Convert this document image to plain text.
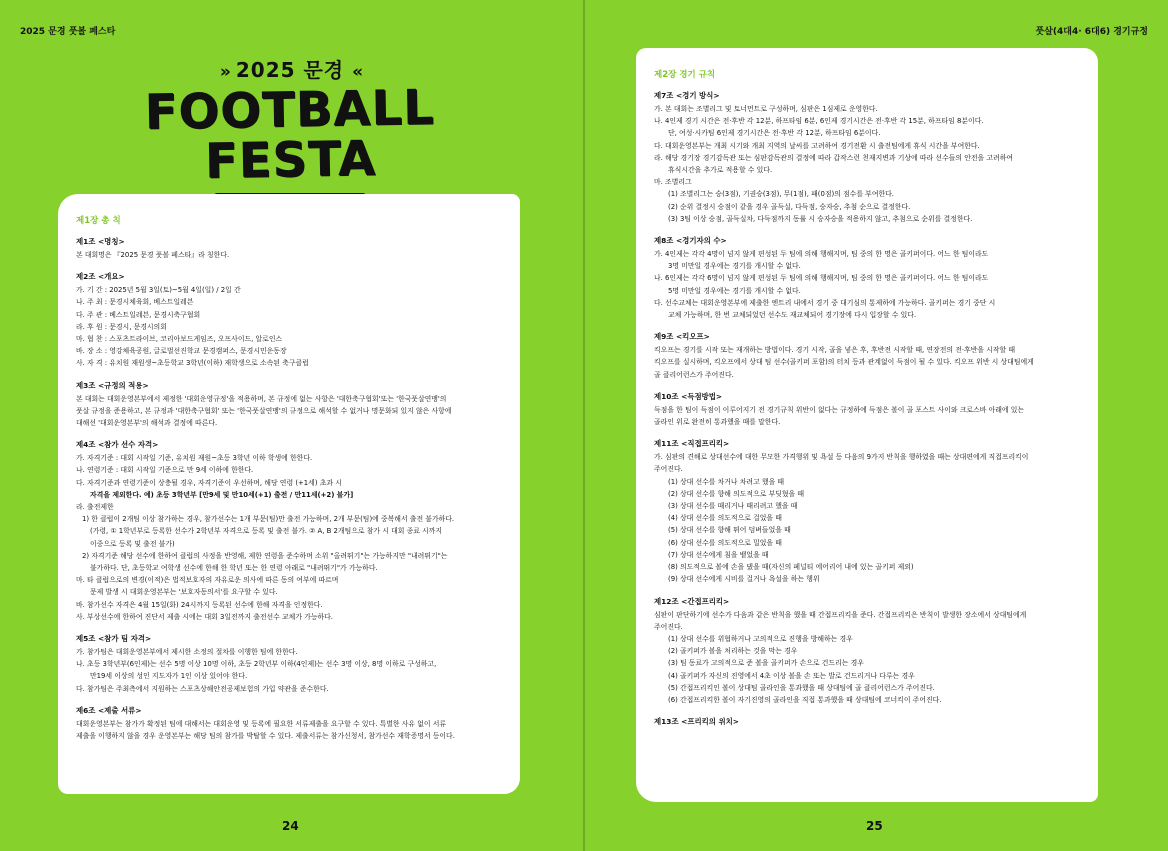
2025 문경 풋볼 페스타	풋살(4대4· 6대6) 경기규정
» 2025 문경 «
FOOTBALL FESTA
제1장 총 칙
제1조 <명칭>
본 대회명은 『2025 문경 풋볼 페스타』라 칭한다.
제2조 <개요>
가. 기 간 : 2025년 5월 3일(토)~5월 4일(일) / 2일 간
나. 주 최 : 문경시체육회, 베스트일레븐
다. 주 관 : 베스트일레븐, 문경시축구협회
라. 후 원 : 문경시, 문경시의회
마. 협 찬 : 스포츠트라이브, 코리아보드게임즈, 오프사이드, 알로인스
바. 장 소 : 영강체육공원, 글로벌선진학교 문경캠퍼스, 문경시민운동장
사. 자 격 : 유치원 재원생~초등학교 3학년(이하) 재학생으로 소속된 축구클럽
제3조 <규정의 적용>
본 대회는 대회운영본부에서 제정한 '대회운영규정'을 적용하며, 본 규정에 없는 사항은 '대한축구협회'또는 '한국풋살연맹'의
풋살 규정을 준용하고, 본 규정과 '대한축구협회' 또는 '한국풋살연맹'의 규정으로 해석할 수 없거나 명문화되 있지 않은 사항에
대해선 '대회운영본부'의 해석과 결정에 따른다.
제4조 <참가 선수 자격>
가. 자격기준 : 대회 시작일 기준, 유치원 재원~초등 3학년 이하 학생에 한한다.
나. 연령기준 : 대회 시작일 기준으로 만 9세 이하에 한한다.
다. 자격기준과 연령기준이 상충될 경우, 자격기준이 우선하며, 해당 연령 (+1세) 초과 시
자격을 제외한다. 예) 초등 3학년부 [만9세 및 만10세(+1) 출전 / 만11세(+2) 불가]
라. 출전제한
1) 한 클럽이 2개팀 이상 참가하는 경우, 참가선수는 1개 부문(팀)만 출전 가능하며, 2개 부문(팀)에 중복해서 출전 불가하다.
(가령, ① 1학년부로 등록한 선수가 2학년부 자격으로 등록 및 출전 불가. ② A, B 2개팀으로 참가 시 대회 종료 시까지
이중으로 등록 및 출전 불가)
2) 자격기준 해당 선수에 한하여 클럽의 사정을 반영해, 제한 연령을 준수하며 소위 "올려뛰기"는 가능하지만 "내려뛰기"는
불가하다. 단, 초등학교 여학생 선수에 한해 한 학년 또는 한 연령 아래로 "내려뛰기"가 가능하다.
마. 타 클럽으로의 변경(이적)은 법적보호자의 자유로운 의사에 따른 동의 여부에 따르며
문제 발생 시 대회운영본부는 '보호자동의서'를 요구할 수 있다.
바. 참가선수 자격은 4월 15일(화) 24시까지 등록된 선수에 한해 자격을 인정한다.
사. 부상선수에 한하여 진단서 제출 시에는 대회 3일전까지 출전선수 교체가 가능하다.
제5조 <참가 팀 자격>
가. 참가팀은 대회운영본부에서 제시한 소정의 절차를 이행한 팀에 한한다.
나. 초등 3학년부(6인제)는 선수 5명 이상 10명 이하, 초등 2학년부 이하(4인제)는 선수 3명 이상, 8명 이하로 구성하고,
만19세 이상의 성인 지도자가 1인 이상 있어야 한다.
다. 참가팀은 주최측에서 지원하는 스포츠상해안전공제보험의 가입 약관을 준수한다.
제6조 <제출 서류>
대회운영본부는 참가가 확정된 팀에 대해서는 대회운영 및 등록에 필요한 서류제출을 요구할 수 있다. 특별한 사유 없이 서류
제출을 이행하지 않을 경우 운영본부는 해당 팀의 참가를 박탈할 수 있다. 제출서류는 참가신청서, 참가선수 재학증명서 등이다.
제2장 경기 규칙
제7조 <경기 방식>
가. 본 대회는 조별리그 및 토너먼트로 구성하며, 심판은 1심제로 운영한다.
나. 4인제 경기 시간은 전·후반 각 12분, 하프타임 6분, 6인제 경기시간은 전·후반 각 15분, 하프타임 8분이다.
단, 여성·시카팀 6인제 경기시간은 전·후반 각 12분, 하프타임 6분이다.
다. 대회운영본부는 개최 시기와 개최 지역의 날씨를 고려하여 경기전환 시 출전팀에게 휴식 시간을 부여한다.
라. 해당 경기장 경기감독관 또는 심판감독관의 결정에 따라 갑작스런 천재지변과 기상에 따라 선수들의 안전을 고려하여
휴식시간을 추가로 적용할 수 있다.
마. 조별리그
(1) 조별리그는 승(3점), 기권승(3점), 무(1점), 패(0점)의 점수를 부여한다.
(2) 순위 결정시 승점이 같을 경우 골득실, 다득점, 승자승, 추첨 순으로 결정한다.
(3) 3팀 이상 승점, 골득실차, 다득점까지 동률 시 승자승을 적용하지 않고, 추첨으로 순위를 결정한다.
제8조 <경기자의 수>
가. 4인제는 각각 4명이 넘지 않게 편성된 두 팀에 의해 행해지며, 팀 중의 한 명은 골키퍼이다. 어느 한 팀이라도
3명 미만일 경우에는 경기를 개시할 수 없다.
나. 6인제는 각각 6명이 넘지 않게 편성된 두 팀에 의해 행해지며, 팀 중의 한 명은 골키퍼이다. 어느 한 팀이라도
5명 미만일 경우에는 경기를 개시할 수 없다.
다. 선수교체는 대회운영본부에 제출한 엔트리 내에서 경기 중 대기심의 통제하에 가능하다. 골키퍼는 경기 중단 시
교체 가능하며, 한 번 교체되었던 선수도 재교체되어 경기장에 다시 입장할 수 있다.
제9조 <킥오프>
킥오프는 경기를 시작 또는 재개하는 방법이다. 경기 시작, 골을 넣은 후, 후반전 시작할 때, 연장전의 전·후반을 시작할 때
킥오프를 실시하며, 킥오프에서 상대 팀 선수(골키퍼 포함)의 터치 등과 관계없이 득점이 될 수 있다. 킥오프 위반 시 상대팀에게
골 클리어런스가 주어진다.
제10조 <득점방법>
득점을 한 팀이 득점이 이루어지기 전 경기규칙 위반이 없다는 규정하에 득점은 볼이 골 포스트 사이와 크로스바 아래에 있는
골라인 위로 완전히 통과했을 때를 말한다.
제11조 <직접프리킥>
가. 심판의 견해로 상대선수에 대한 무모한 가격행위 및 욕설 등 다음의 9가지 반칙을 행하였을 때는 상대편에게 직접프리킥이
주어진다.
(1) 상대 선수를 차거나 차려고 했을 때
(2) 상대 선수를 향해 의도적으로 부딪혔을 때
(3) 상대 선수를 때리거나 때리려고 했을 때
(4) 상대 선수를 의도적으로 걸었을 때
(5) 상대 선수를 향해 뛰어 덤벼들었을 때
(6) 상대 선수를 의도적으로 밀었을 때
(7) 상대 선수에게 침을 뱉었을 때
(8) 의도적으로 볼에 손을 댔을 때(자신의 페널티 에어리어 내에 있는 골키퍼 제외)
(9) 상대 선수에게 시비를 걸거나 욕설을 하는 행위
제12조 <간접프리킥>
심판이 판단하기에 선수가 다음과 같은 반칙을 했을 때 간접프리킥을 준다. 간접프리킥은 반칙이 발생한 장소에서 상대팀에게
주어진다.
(1) 상대 선수를 위협하거나 고의적으로 진행을 방해하는 경우
(2) 골키퍼가 볼을 처리하는 것을 막는 경우
(3) 팀 동료가 고의적으로 준 볼을 골키퍼가 손으로 건드리는 경우
(4) 골키퍼가 자신의 진영에서 4초 이상 볼을 손 또는 발로 건드리거나 다루는 경우
(5) 간접프리킥인 볼이 상대팀 골라인을 통과했을 때 상대팀에 골 클리어런스가 주어진다.
(6) 간접프리킥한 볼이 자기진영의 골라인을 직접 통과했을 때 상대팀에 코너킥이 주어진다.
제13조 <프리킥의 위치>
24	25
